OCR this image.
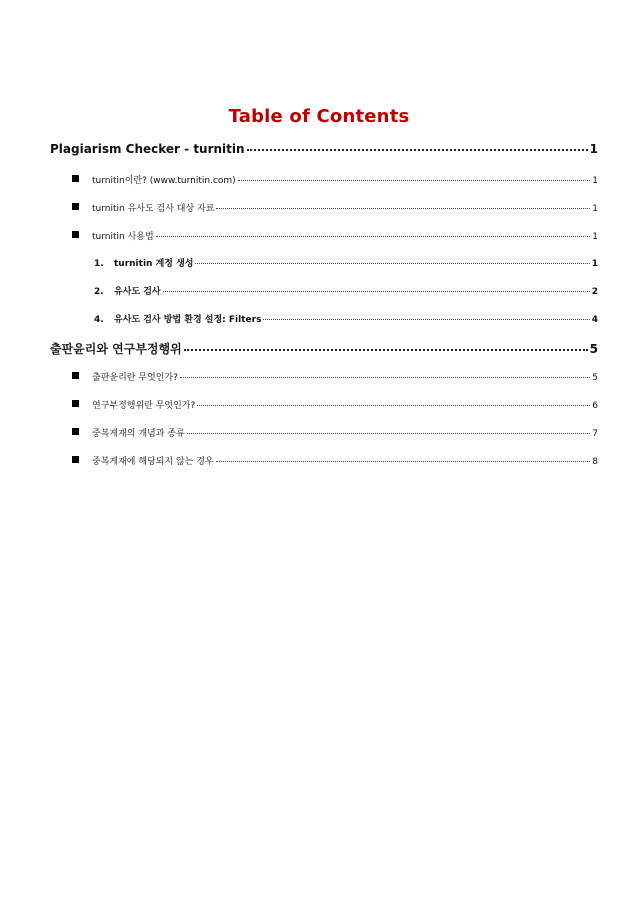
Table of Contents
Plagiarism Checker - turnitin	1
turnitin이란? (www.turnitin.com)	1
turnitin 유사도 검사 대상 자료	1
turnitin 사용법	1
1.	turnitin 계정 생성	1
2.	유사도 검사	2
4.	유사도 검사 방법 환경 설정: Filters	4
출판윤리와 연구부정행위	5
출판윤리란 무엇인가?	5
연구부정행위란 무엇인가?	6
중복게재의 개념과 종류	7
중복게재에 해당되지 않는 경우	8
